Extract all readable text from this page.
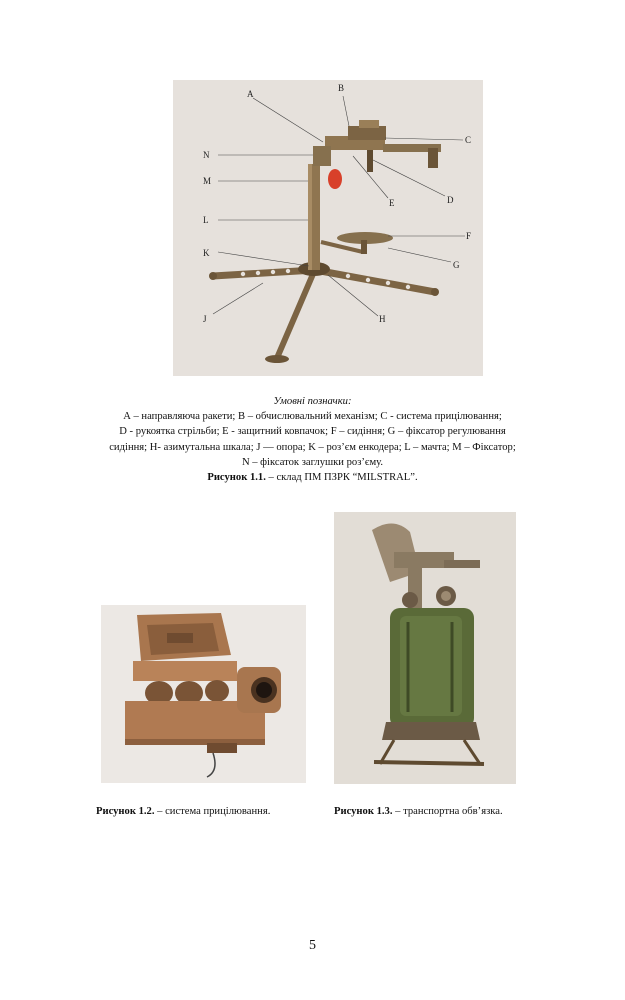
A
B
C
D
E
F
G
H
J
K
L
M
N

Умовні позначки:

А – направляюча ракети; В – обчислювальний механізм; С - система прицілювання;

D - рукоятка стрільби; E - защитний ковпачок; F – сидіння; G – фіксатор регулювання

сидіння; H- азимутальна шкала; J — опора; K – роз’єм енкодера; L – мачта; M – Фіксатор;

N – фіксаток заглушки роз’єму.

Рисунок 1.1. – склад ПМ ПЗРК “MILSTRAL”.

Рисунок 1.2. – система прицілювання.	Рисунок 1.3. – транспортна обв’язка.
5
